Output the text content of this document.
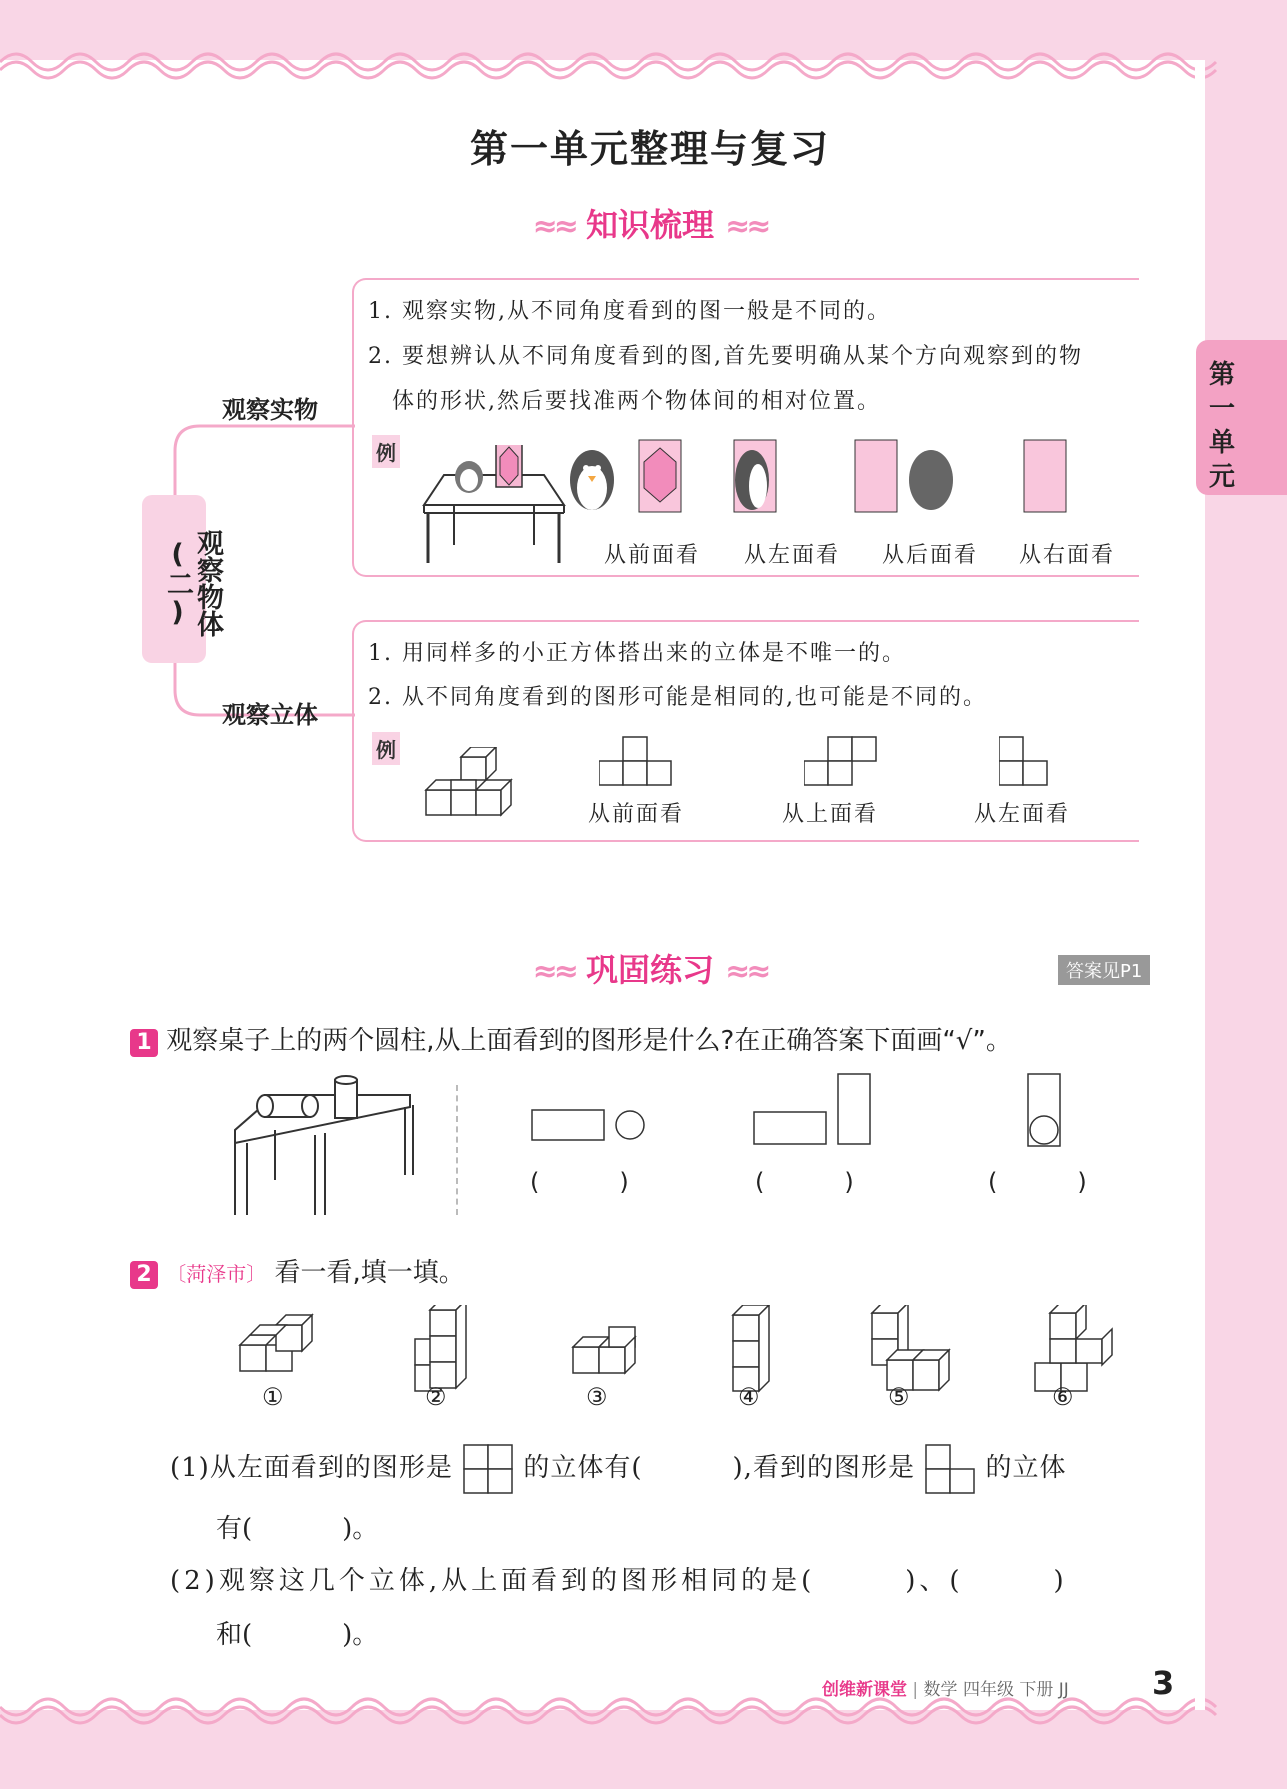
第一单元
第一单元整理与复习
≈≈ 知识梳理 ≈≈
观察物体(二)
观察实物
观察立体
1. 观察实物,从不同角度看到的图一般是不同的。
2. 要想辨认从不同角度看到的图,首先要明确从某个方向观察到的物
体的形状,然后要找准两个物体间的相对位置。
例
从前面看 从左面看 从后面看 从右面看
1. 用同样多的小正方体搭出来的立体是不唯一的。
2. 从不同角度看到的图形可能是相同的,也可能是不同的。
例
从前面看	从上面看	从左面看
≈≈ 巩固练习 ≈≈	答案见P1
1 观察桌子上的两个圆柱,从上面看到的图形是什么?在正确答案下面画“√”。
(	)	(	)	(	)
2 〔菏泽市〕 看一看,填一填。
①	②	③	④	⑤	⑥
(1)从左面看到的图形是	的立体有(	),看到的图形是	的立体
有(	)。
(2)观察这几个立体,从上面看到的图形相同的是(	)、(	)
和(	)。
创维新课堂 | 数学 四年级 下册 JJ	3
